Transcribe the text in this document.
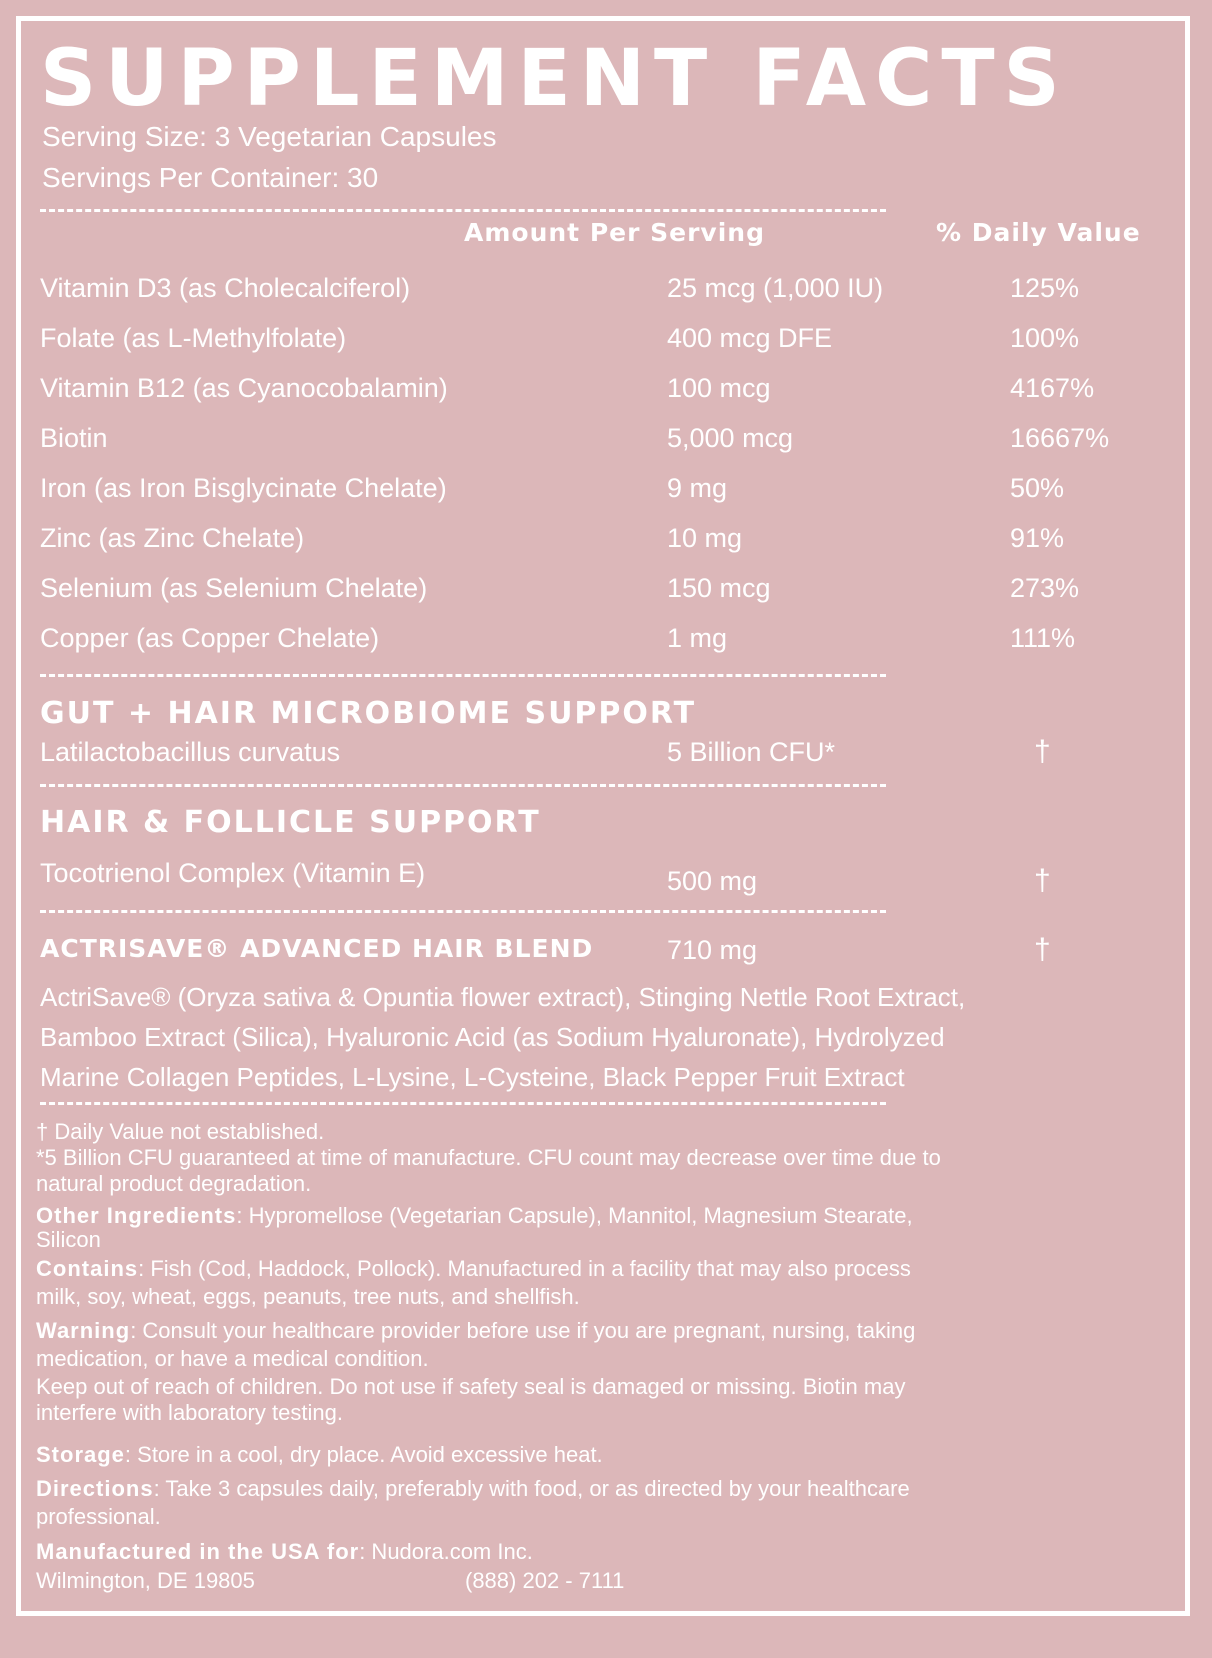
SUPPLEMENT FACTS
Serving Size: 3 Vegetarian Capsules
Servings Per Container: 30
Amount Per Serving	% Daily Value
Vitamin D3 (as Cholecalciferol)	25 mcg (1,000 IU)	125%
Folate (as L-Methylfolate)	400 mcg DFE	100%
Vitamin B12 (as Cyanocobalamin)	100 mcg	4167%
Biotin	5,000 mcg	16667%
Iron (as Iron Bisglycinate Chelate)	9 mg	50%
Zinc (as Zinc Chelate)	10 mg	91%
Selenium (as Selenium Chelate)	150 mcg	273%
Copper (as Copper Chelate)	1 mg	111%
GUT + HAIR MICROBIOME SUPPORT
Latilactobacillus curvatus	5 Billion CFU*	†
HAIR & FOLLICLE SUPPORT
Tocotrienol Complex (Vitamin E)	500 mg	†
ACTRISAVE® ADVANCED HAIR BLEND	710 mg	†
ActriSave® (Oryza sativa & Opuntia flower extract), Stinging Nettle Root Extract,
Bamboo Extract (Silica), Hyaluronic Acid (as Sodium Hyaluronate), Hydrolyzed
Marine Collagen Peptides, L-Lysine, L-Cysteine, Black Pepper Fruit Extract
† Daily Value not established.
*5 Billion CFU guaranteed at time of manufacture. CFU count may decrease over time due to
natural product degradation.
Other Ingredients: Hypromellose (Vegetarian Capsule), Mannitol, Magnesium Stearate,
Silicon
Contains: Fish (Cod, Haddock, Pollock). Manufactured in a facility that may also process
milk, soy, wheat, eggs, peanuts, tree nuts, and shellfish.
Warning: Consult your healthcare provider before use if you are pregnant, nursing, taking
medication, or have a medical condition.
Keep out of reach of children. Do not use if safety seal is damaged or missing. Biotin may
interfere with laboratory testing.
Storage: Store in a cool, dry place. Avoid excessive heat.
Directions: Take 3 capsules daily, preferably with food, or as directed by your healthcare
professional.
Manufactured in the USA for: Nudora.com Inc.
Wilmington, DE 19805	(888) 202 - 7111
